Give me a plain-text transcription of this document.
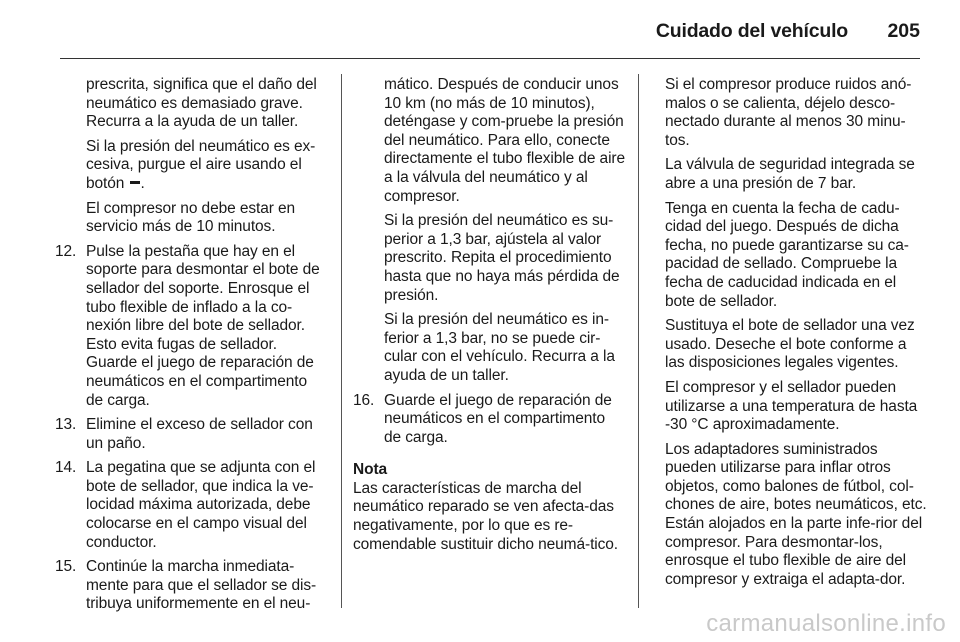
Cuidado del vehículo 205

prescrita, significa que el daño del neumático es demasiado grave. Recurra a la ayuda de un taller.

Si la presión del neumático es ex-cesiva, purgue el aire usando el botón .

El compresor no debe estar en servicio más de 10 minutos.

12. Pulse la pestaña que hay en el soporte para desmontar el bote de sellador del soporte. Enrosque el tubo flexible de inflado a la co-nexión libre del bote de sellador. Esto evita fugas de sellador. Guarde el juego de reparación de neumáticos en el compartimento de carga.
13. Elimine el exceso de sellador con un paño.
14. La pegatina que se adjunta con el bote de sellador, que indica la ve-locidad máxima autorizada, debe colocarse en el campo visual del conductor.
15. Continúe la marcha inmediata-mente para que el sellador se dis-tribuya uniformemente en el neu-

mático. Después de conducir unos 10 km (no más de 10 minutos), deténgase y com-pruebe la presión del neumático. Para ello, conecte directamente el tubo flexible de aire a la válvula del neumático y al compresor.

Si la presión del neumático es su-perior a 1,3 bar, ajústela al valor prescrito. Repita el procedimiento hasta que no haya más pérdida de presión.

Si la presión del neumático es in-ferior a 1,3 bar, no se puede cir-cular con el vehículo. Recurra a la ayuda de un taller.

16. Guarde el juego de reparación de neumáticos en el compartimento de carga.

Nota

Las características de marcha del neumático reparado se ven afecta-das negativamente, por lo que es re-comendable sustituir dicho neumá-tico.

Si el compresor produce ruidos anó-malos o se calienta, déjelo desco-nectado durante al menos 30 minu-tos.

La válvula de seguridad integrada se abre a una presión de 7 bar.

Tenga en cuenta la fecha de cadu-cidad del juego. Después de dicha fecha, no puede garantizarse su ca-pacidad de sellado. Compruebe la fecha de caducidad indicada en el bote de sellador.

Sustituya el bote de sellador una vez usado. Deseche el bote conforme a las disposiciones legales vigentes.

El compresor y el sellador pueden utilizarse a una temperatura de hasta -30 °C aproximadamente.

Los adaptadores suministrados pueden utilizarse para inflar otros objetos, como balones de fútbol, col-chones de aire, botes neumáticos, etc. Están alojados en la parte infe-rior del compresor. Para desmontar-los, enrosque el tubo flexible de aire del compresor y extraiga el adapta-dor.

carmanualsonline.info
